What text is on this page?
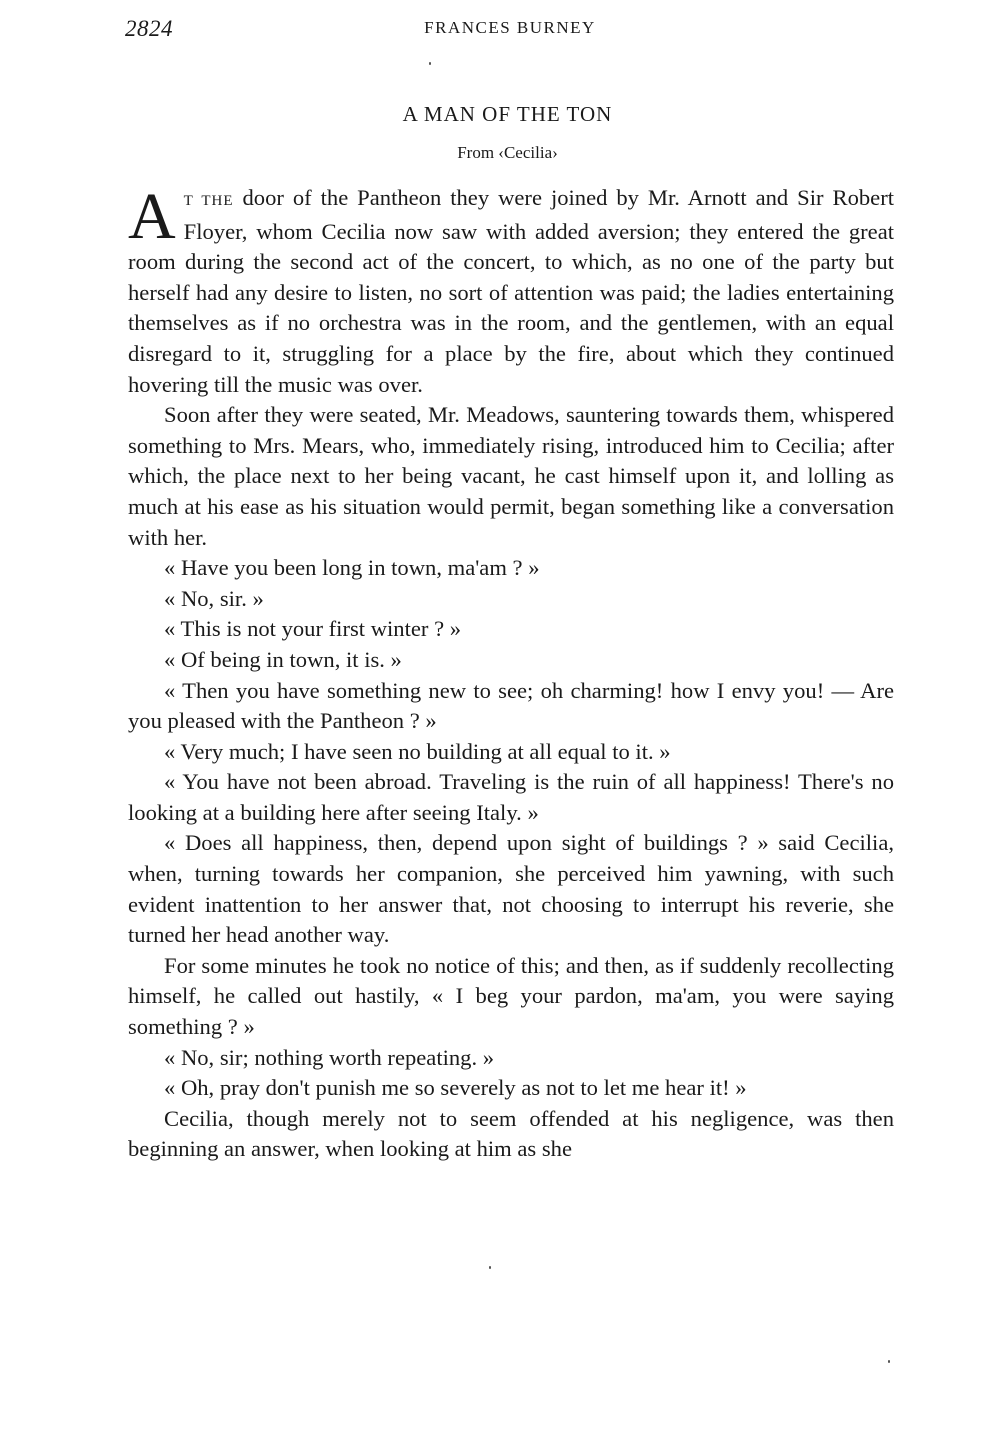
2824	FRANCES BURNEY
A MAN OF THE TON
From ‹Cecilia›

A T THE door of the Pantheon they were joined by Mr. Arnott and Sir Robert Floyer, whom Cecilia now saw with added aversion; they entered the great room during the second act of the concert, to which, as no one of the party but herself had any desire to listen, no sort of attention was paid; the ladies entertaining themselves as if no orchestra was in the room, and the gentlemen, with an equal disregard to it, struggling for a place by the fire, about which they continued hovering till the music was over.

Soon after they were seated, Mr. Meadows, sauntering towards them, whispered something to Mrs. Mears, who, immediately rising, introduced him to Cecilia; after which, the place next to her being vacant, he cast himself upon it, and lolling as much at his ease as his situation would permit, began something like a conversation with her.

« Have you been long in town, ma'am ? »

« No, sir. »

« This is not your first winter ? »

« Of being in town, it is. »

« Then you have something new to see; oh charming! how I envy you! — Are you pleased with the Pantheon ? »

« Very much; I have seen no building at all equal to it. »

« You have not been abroad. Traveling is the ruin of all happiness! There's no looking at a building here after seeing Italy. »

« Does all happiness, then, depend upon sight of buildings ? » said Cecilia, when, turning towards her companion, she perceived him yawning, with such evident inattention to her answer that, not choosing to interrupt his reverie, she turned her head another way.

For some minutes he took no notice of this; and then, as if suddenly recollecting himself, he called out hastily, « I beg your pardon, ma'am, you were saying something ? »

« No, sir; nothing worth repeating. »

« Oh, pray don't punish me so severely as not to let me hear it! »

Cecilia, though merely not to seem offended at his negligence, was then beginning an answer, when looking at him as she
